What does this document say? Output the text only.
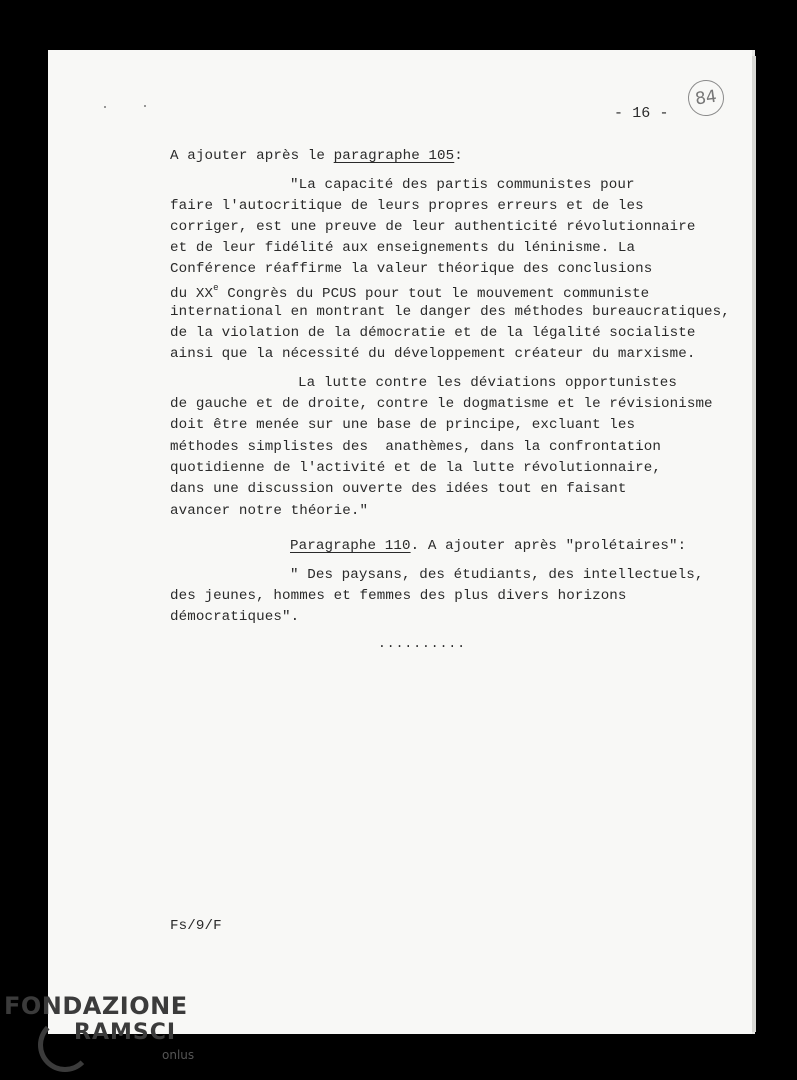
- 16 -
84
A ajouter après le paragraphe 105:
"La capacité des partis communistes pour
faire l'autocritique de leurs propres erreurs et de les
corriger, est une preuve de leur authenticité révolutionnaire
et de leur fidélité aux enseignements du léninisme. La
Conférence réaffirme la valeur théorique des conclusions
du XXe Congrès du PCUS pour tout le mouvement communiste
international en montrant le danger des méthodes bureaucratiques,
de la violation de la démocratie et de la légalité socialiste
ainsi que la nécessité du développement créateur du marxisme.
La lutte contre les déviations opportunistes
de gauche et de droite, contre le dogmatisme et le révisionisme
doit être menée sur une base de principe, excluant les
méthodes simplistes des  anathèmes, dans la confrontation
quotidienne de l'activité et de la lutte révolutionnaire,
dans une discussion ouverte des idées tout en faisant
avancer notre théorie."
Paragraphe 110. A ajouter après "prolétaires":
" Des paysans, des étudiants, des intellectuels,
des jeunes, hommes et femmes des plus divers horizons
démocratiques".
..........
Fs/9/F
FONDAZIONE
RAMSCI
onlus
